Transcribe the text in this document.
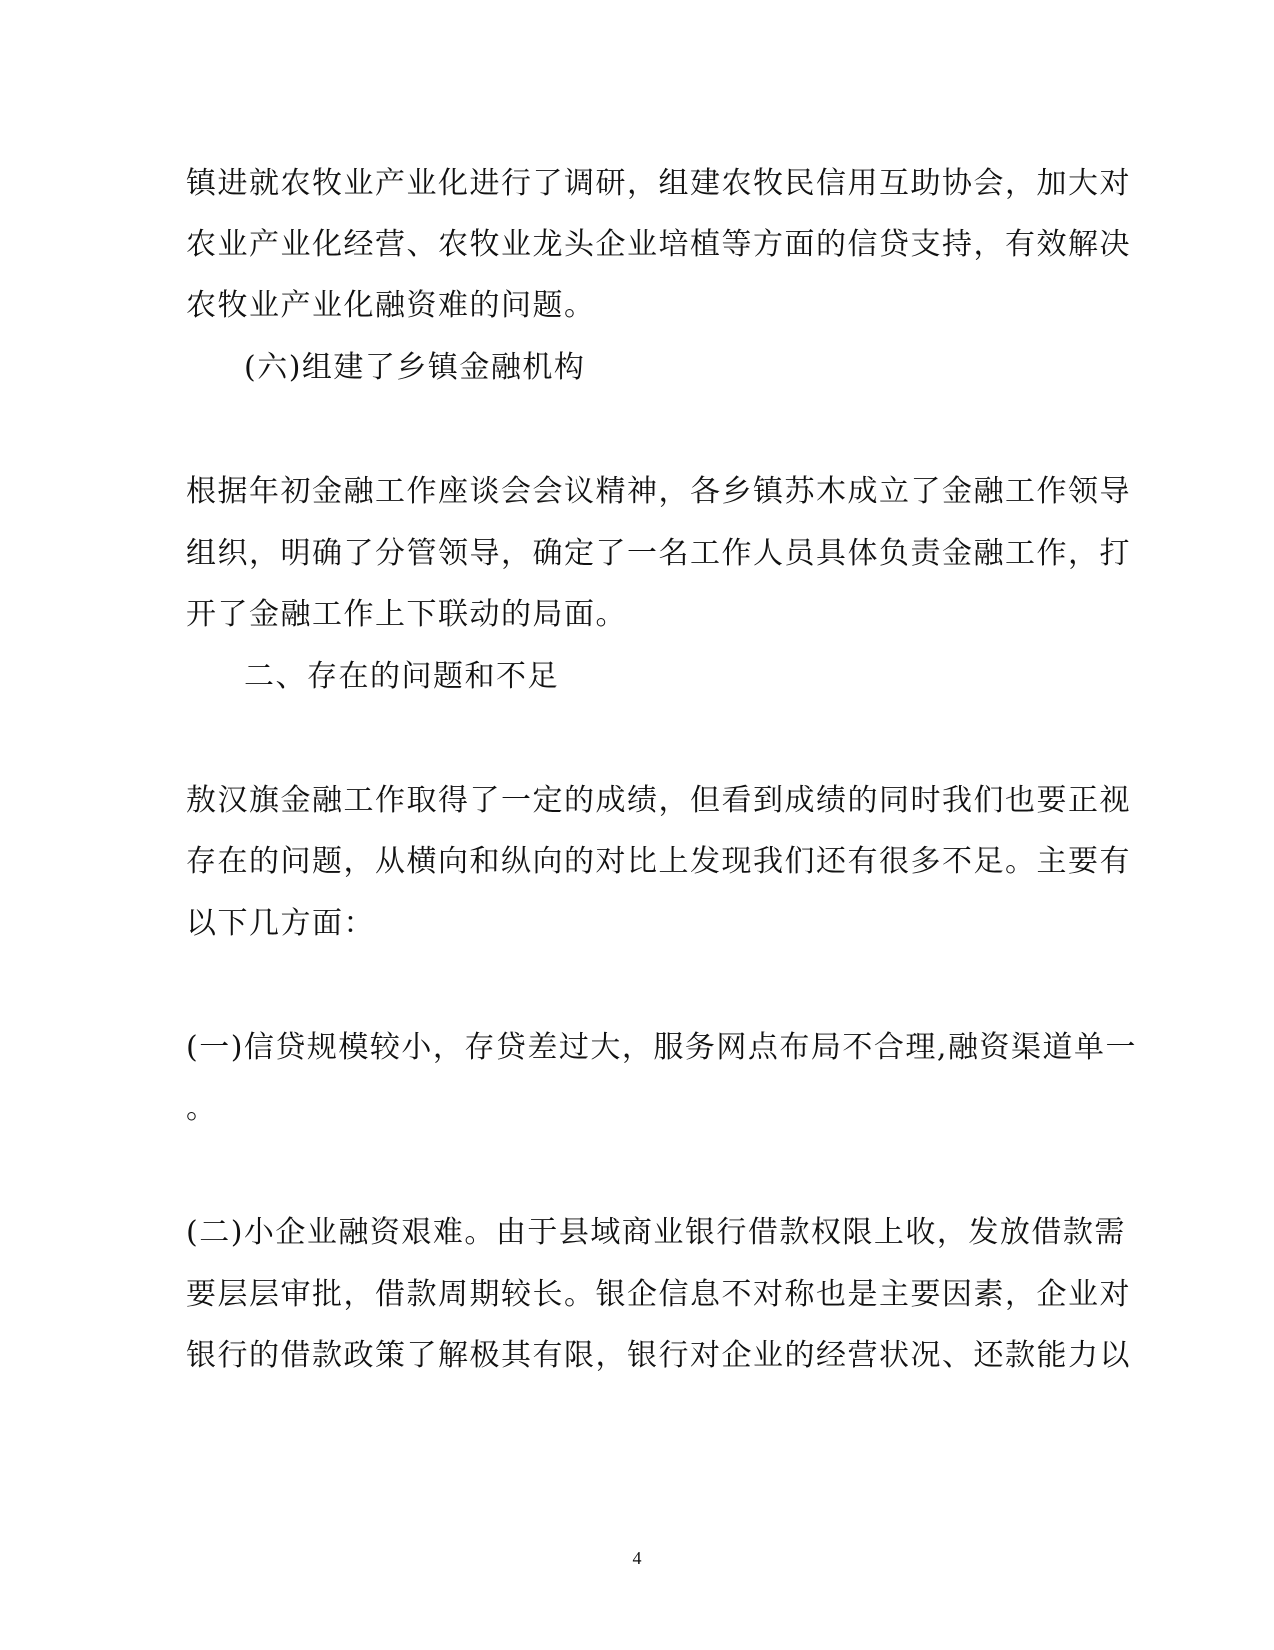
镇进就农牧业产业化进行了调研，组建农牧民信用互助协会，加大对
农业产业化经营、农牧业龙头企业培植等方面的信贷支持，有效解决
农牧业产业化融资难的问题。
(六)组建了乡镇金融机构
根据年初金融工作座谈会会议精神，各乡镇苏木成立了金融工作领导
组织，明确了分管领导，确定了一名工作人员具体负责金融工作，打
开了金融工作上下联动的局面。
二、存在的问题和不足
敖汉旗金融工作取得了一定的成绩，但看到成绩的同时我们也要正视
存在的问题，从横向和纵向的对比上发现我们还有很多不足。主要有
以下几方面：
(一)信贷规模较小，存贷差过大，服务网点布局不合理,融资渠道单一
。
(二)小企业融资艰难。由于县域商业银行借款权限上收，发放借款需
要层层审批，借款周期较长。银企信息不对称也是主要因素，企业对
银行的借款政策了解极其有限，银行对企业的经营状况、还款能力以
4
